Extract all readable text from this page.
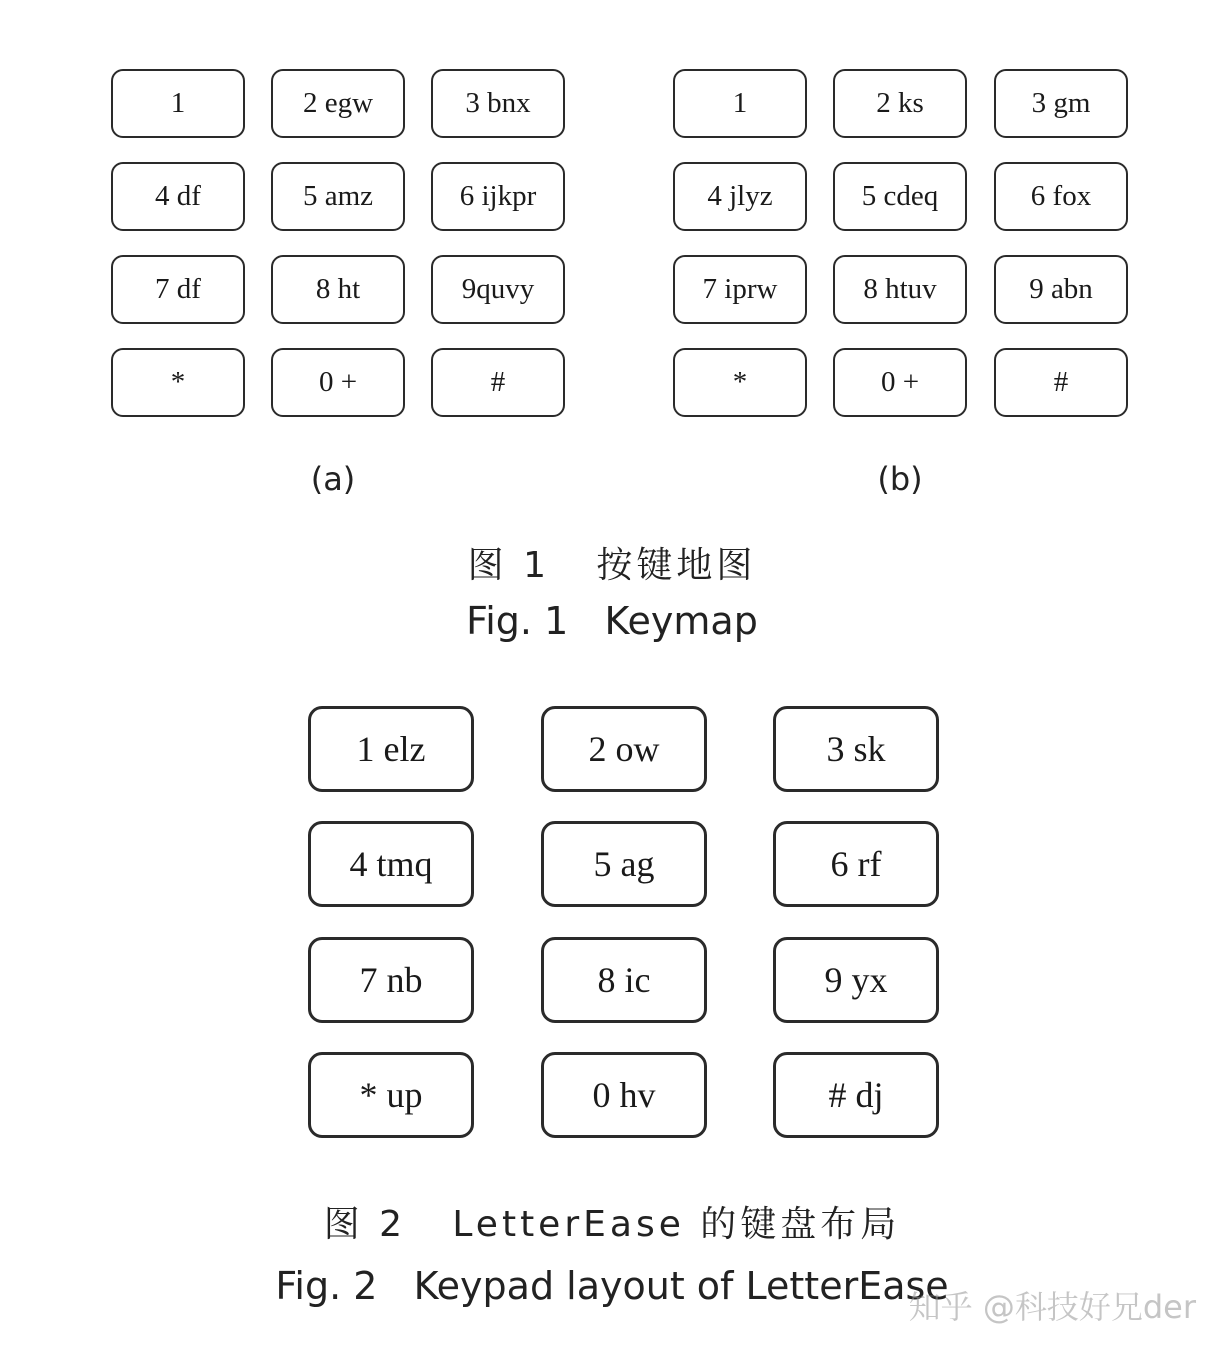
1	2 egw	3 bnx
4 df	5 amz	6 ijkpr
7 df	8 ht	9quvy
*	0 +	#
(a)
1	2 ks	3 gm
4 jlyz	5 cdeq	6 fox
7 iprw	8 htuv	9 abn
*	0 +	#
(b)
图 1   按键地图
Fig. 1   Keymap
1 elz	2 ow	3 sk
4 tmq	5 ag	6 rf
7 nb	8 ic	9 yx
* up	0 hv	# dj
图 2   LetterEase 的键盘布局
Fig. 2   Keypad layout of LetterEase
知乎 @科技好兄der
